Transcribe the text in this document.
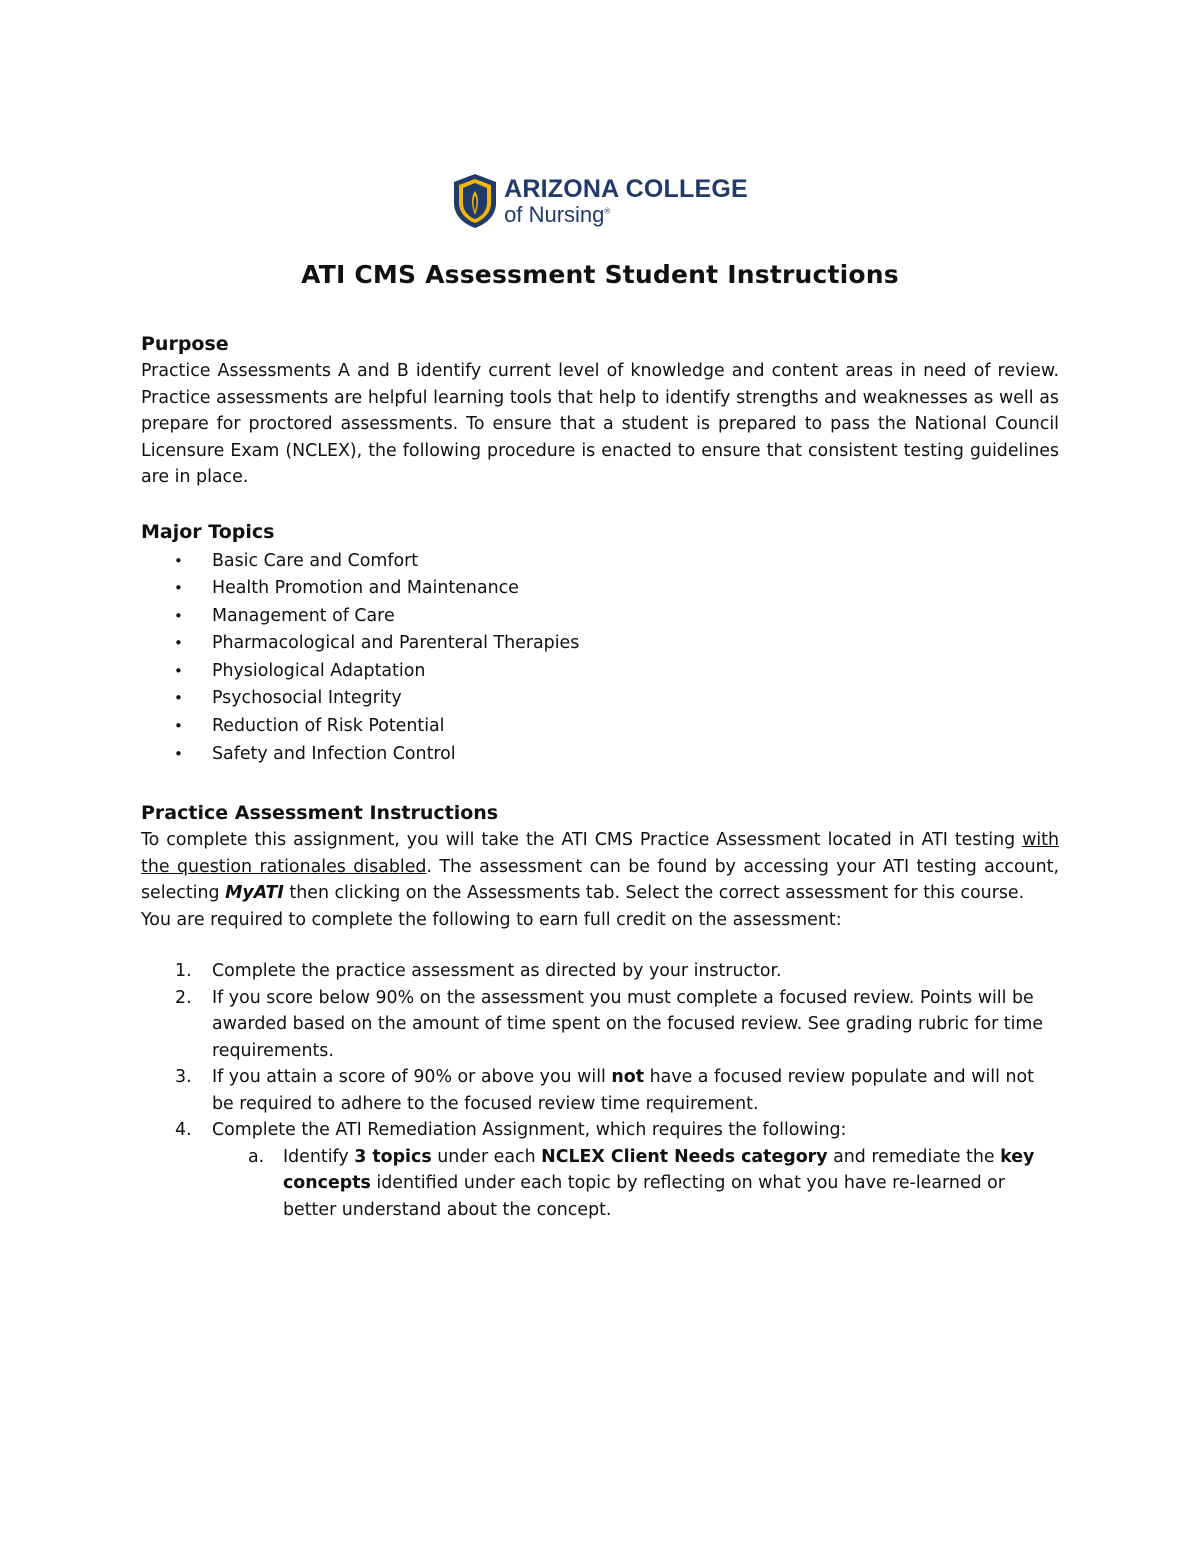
ARIZONA COLLEGE
of Nursing®
ATI CMS Assessment Student Instructions
Purpose

Practice Assessments A and B identify current level of knowledge and content areas in need of review. Practice assessments are helpful learning tools that help to identify strengths and weaknesses as well as prepare for proctored assessments. To ensure that a student is prepared to pass the National Council Licensure Exam (NCLEX), the following procedure is enacted to ensure that consistent testing guidelines are in place.

Major Topics
• Basic Care and Comfort
• Health Promotion and Maintenance
• Management of Care
• Pharmacological and Parenteral Therapies
• Physiological Adaptation
• Psychosocial Integrity
• Reduction of Risk Potential
• Safety and Infection Control
Practice Assessment Instructions

To complete this assignment, you will take the ATI CMS Practice Assessment located in ATI testing with the question rationales disabled. The assessment can be found by accessing your ATI testing account, selecting MyATI then clicking on the Assessments tab. Select the correct assessment for this course.

You are required to complete the following to earn full credit on the assessment:

1. Complete the practice assessment as directed by your instructor.
2. If you score below 90% on the assessment you must complete a focused review. Points will be awarded based on the amount of time spent on the focused review. See grading rubric for time requirements.
3. If you attain a score of 90% or above you will not have a focused review populate and will not be required to adhere to the focused review time requirement.
4. Complete the ATI Remediation Assignment, which requires the following:
a. Identify 3 topics under each NCLEX Client Needs category and remediate the key concepts identified under each topic by reflecting on what you have re-learned or better understand about the concept.
